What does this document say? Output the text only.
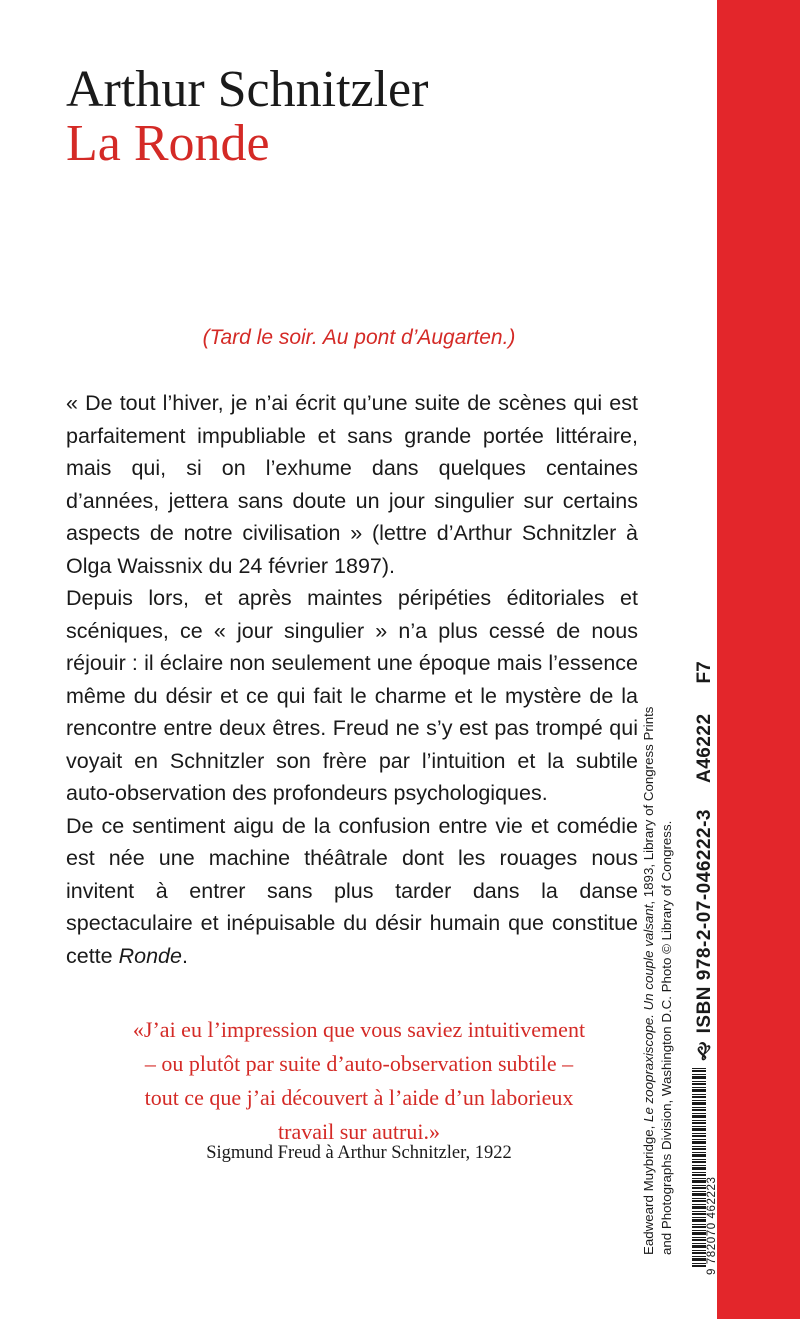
Arthur Schnitzler
La Ronde
(Tard le soir. Au pont d’Augarten.)

« De tout l’hiver, je n’ai écrit qu’une suite de scènes qui est parfaitement impubliable et sans grande portée littéraire, mais qui, si on l’exhume dans quelques centaines d’années, jettera sans doute un jour singulier sur certains aspects de notre civilisation » (lettre d’Arthur Schnitzler à Olga Waissnix du 24 février 1897).

Depuis lors, et après maintes péripéties éditoriales et scéniques, ce « jour singulier » n’a plus cessé de nous réjouir : il éclaire non seulement une époque mais l’essence même du désir et ce qui fait le charme et le mystère de la rencontre entre deux êtres. Freud ne s’y est pas trompé qui voyait en Schnitzler son frère par l’intuition et la subtile auto-observation des profondeurs psychologiques.

De ce sentiment aigu de la confusion entre vie et comédie est née une machine théâtrale dont les rouages nous invitent à entrer sans plus tarder dans la danse spectaculaire et inépuisable du désir humain que constitue cette Ronde.

«J’ai eu l’impression que vous saviez intuitivement
– ou plutôt par suite d’auto-observation subtile –
tout ce que j’ai découvert à l’aide d’un laborieux
travail sur autrui.»
Sigmund Freud à Arthur Schnitzler, 1922	Eadweard Muybridge, Le zoopraxiscope. Un couple valsant, 1893, Library of Congress Prints
and Photographs Division, Washington D.C. Photo © Library of Congress.	9 782070 462223
🙙
ISBN 978-2-07-046222-3
A46222
F7
